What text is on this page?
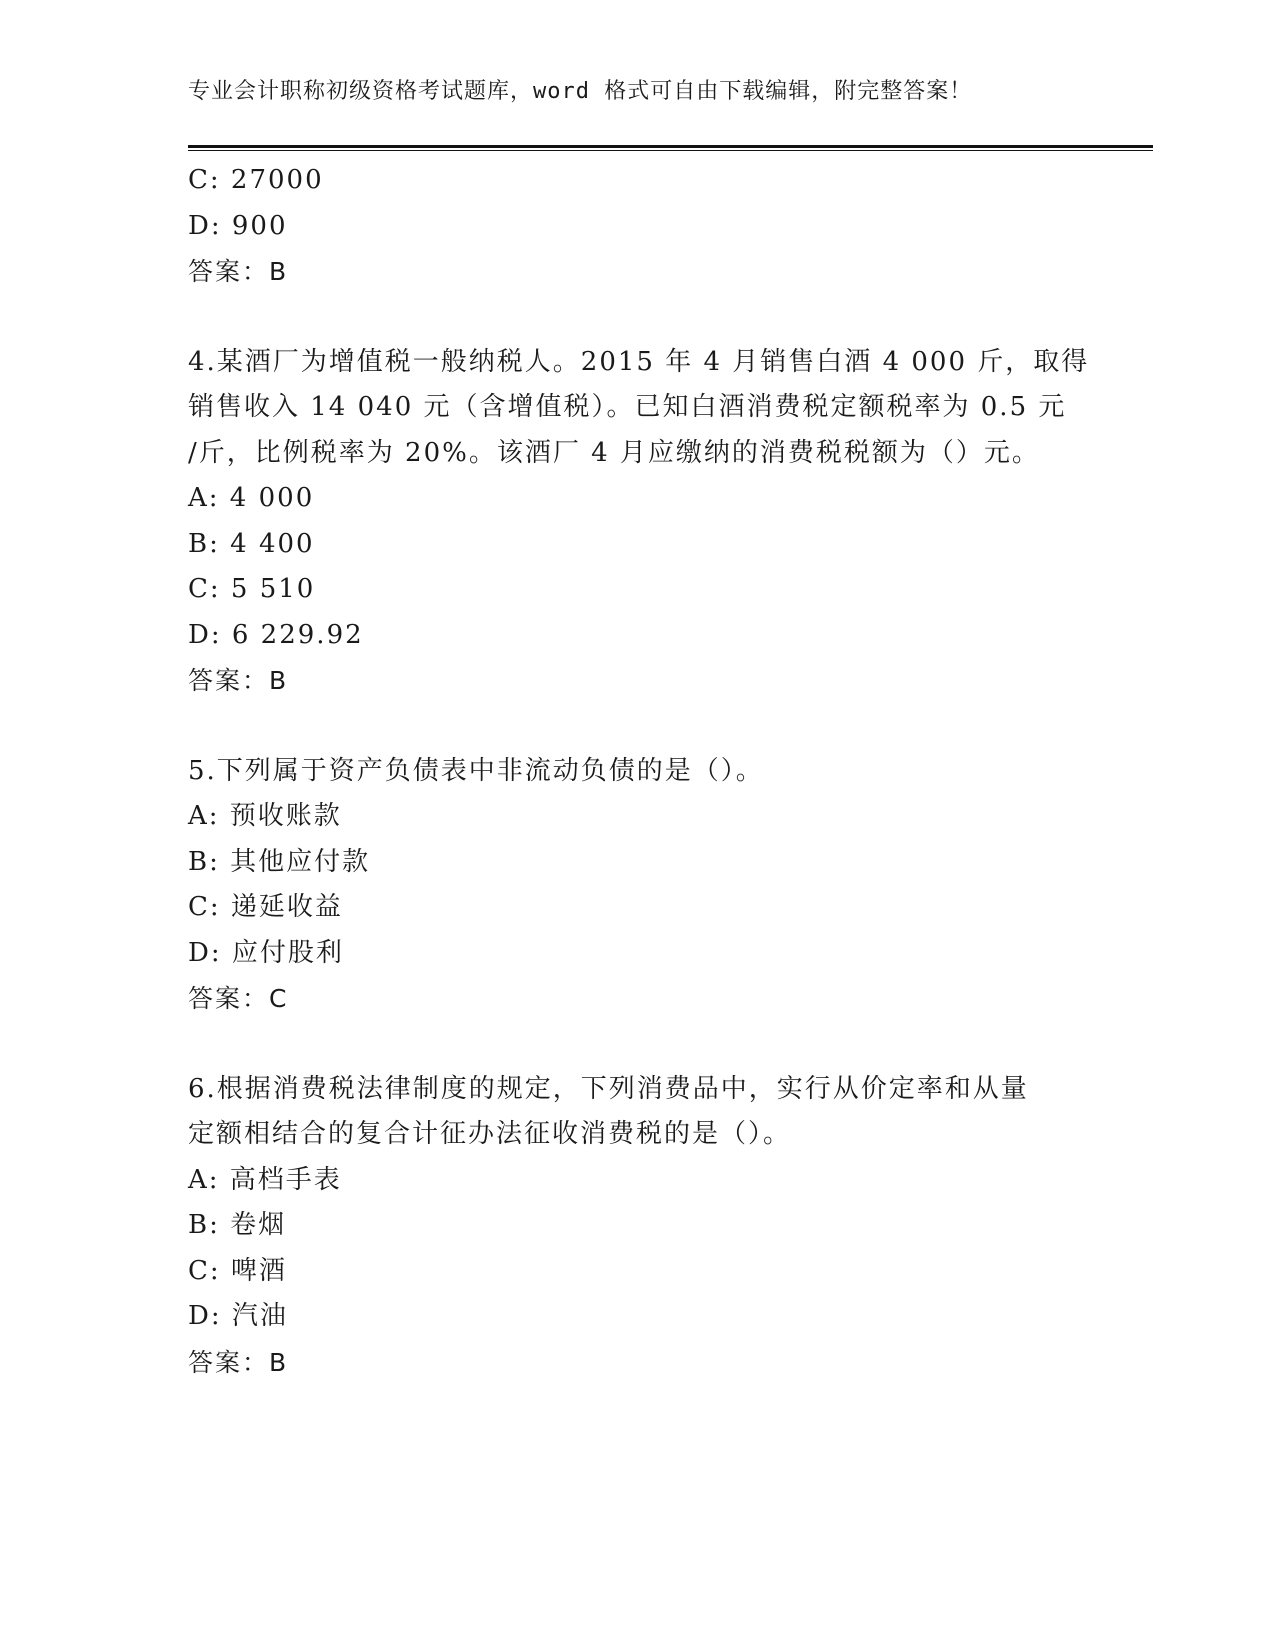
专业会计职称初级资格考试题库，word 格式可自由下载编辑，附完整答案！
C: 27000
D: 900
答案：B
4.某酒厂为增值税一般纳税人。2015 年 4 月销售白酒 4 000 斤，取得
销售收入 14 040 元（含增值税）。已知白酒消费税定额税率为 0.5 元
/斤，比例税率为 20%。该酒厂 4 月应缴纳的消费税税额为（）元。
A: 4 000
B: 4 400
C: 5 510
D: 6 229.92
答案：B
5.下列属于资产负债表中非流动负债的是（）。
A: 预收账款
B: 其他应付款
C: 递延收益
D: 应付股利
答案：C
6.根据消费税法律制度的规定，下列消费品中，实行从价定率和从量
定额相结合的复合计征办法征收消费税的是（）。
A: 高档手表
B: 卷烟
C: 啤酒
D: 汽油
答案：B
